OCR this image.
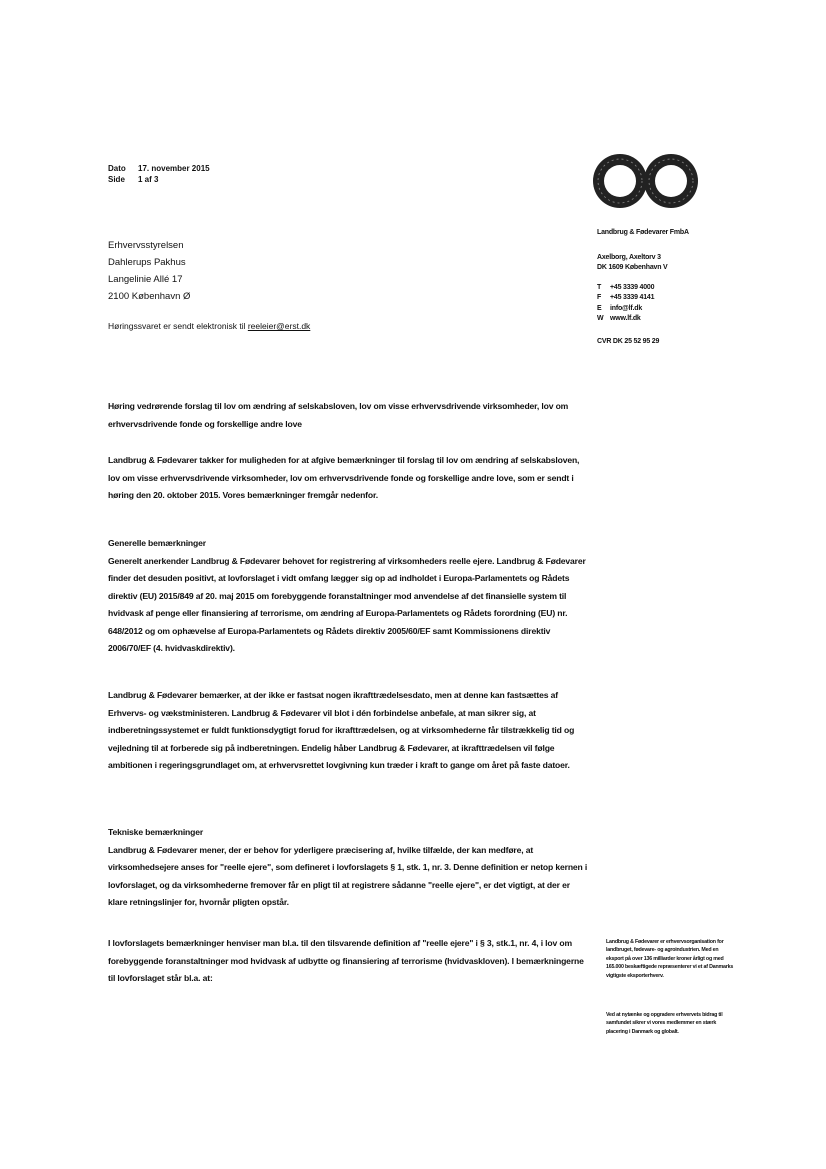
Dato 17. november 2015
Side 1 af 3
Landbrug & Fødevarer FmbA
Axelborg, Axeltorv 3
DK 1609 København V
T +45 3339 4000
F +45 3339 4141
E info@lf.dk
W www.lf.dk
CVR DK 25 52 95 29
Erhvervsstyrelsen
Dahlerups Pakhus
Langelinie Allé 17
2100 København Ø
Høringssvaret er sendt elektronisk til reeleier@erst.dk
Høring vedrørende forslag til lov om ændring af selskabsloven, lov om visse erhvervsdrivende virksomheder, lov om erhvervsdrivende fonde og forskellige andre love
Landbrug & Fødevarer takker for muligheden for at afgive bemærkninger til forslag til lov om ændring af selskabsloven, lov om visse erhvervsdrivende virksomheder, lov om erhvervsdrivende fonde og forskellige andre love, som er sendt i høring den 20. oktober 2015. Vores bemærkninger fremgår nedenfor.
Generelle bemærkninger
Generelt anerkender Landbrug & Fødevarer behovet for registrering af virksomheders reelle ejere. Landbrug & Fødevarer finder det desuden positivt, at lovforslaget i vidt omfang lægger sig op ad indholdet i Europa-Parlamentets og Rådets direktiv (EU) 2015/849 af 20. maj 2015 om forebyggende foranstaltninger mod anvendelse af det finansielle system til hvidvask af penge eller finansiering af terrorisme, om ændring af Europa-Parlamentets og Rådets forordning (EU) nr. 648/2012 og om ophævelse af Europa-Parlamentets og Rådets direktiv 2005/60/EF samt Kommissionens direktiv 2006/70/EF (4. hvidvaskdirektiv).
Landbrug & Fødevarer bemærker, at der ikke er fastsat nogen ikrafttrædelsesdato, men at denne kan fastsættes af Erhvervs- og vækstministeren. Landbrug & Fødevarer vil blot i dén forbindelse anbefale, at man sikrer sig, at indberetningssystemet er fuldt funktionsdygtigt forud for ikrafttrædelsen, og at virksomhederne får tilstrækkelig tid og vejledning til at forberede sig på indberetningen. Endelig håber Landbrug & Fødevarer, at ikrafttrædelsen vil følge ambitionen i regeringsgrundlaget om, at erhvervsrettet lovgivning kun træder i kraft to gange om året på faste datoer.
Tekniske bemærkninger
Landbrug & Fødevarer mener, der er behov for yderligere præcisering af, hvilke tilfælde, der kan medføre, at virksomhedsejere anses for "reelle ejere", som defineret i lovforslagets § 1, stk. 1, nr. 3. Denne definition er netop kernen i lovforslaget, og da virksomhederne fremover får en pligt til at registrere sådanne "reelle ejere", er det vigtigt, at der er klare retningslinjer for, hvornår pligten opstår.
I lovforslagets bemærkninger henviser man bl.a. til den tilsvarende definition af "reelle ejere" i § 3, stk.1, nr. 4, i lov om forebyggende foranstaltninger mod hvidvask af udbytte og finansiering af terrorisme (hvidvaskloven). I bemærkningerne til lovforslaget står bl.a. at:
Landbrug & Fødevarer er erhvervsorganisation for landbruget, fødevare- og agroindustrien. Med en eksport på over 136 milliarder kroner årligt og med 165.000 beskæftigede repræsenterer vi et af Danmarks vigtigste eksporterhverv.
Ved at nytænke og opgradere erhvervets bidrag til samfundet sikrer vi vores medlemmer en stærk placering i Danmark og globalt.
